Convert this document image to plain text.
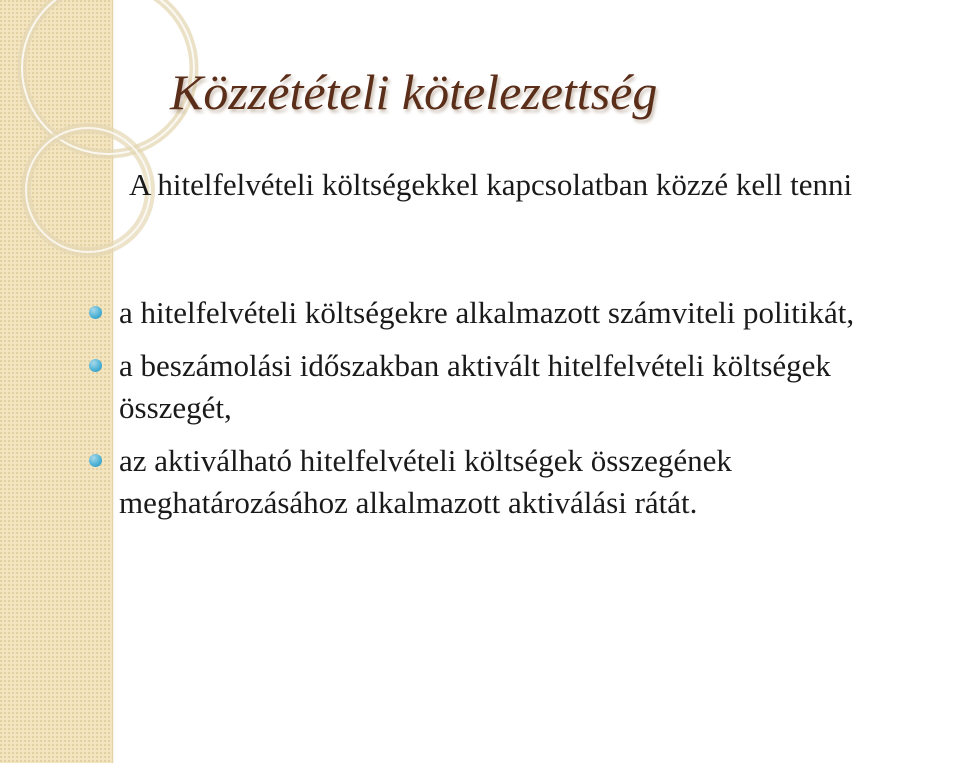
Közzétételi kötelezettség

A hitelfelvételi költségekkel kapcsolatban közzé kell tenni

a hitelfelvételi költségekre alkalmazott számviteli politikát,
a beszámolási időszakban aktivált hitelfelvételi költségek összegét,
az aktiválható hitelfelvételi költségek összegének meghatározásához alkalmazott aktiválási rátát.
